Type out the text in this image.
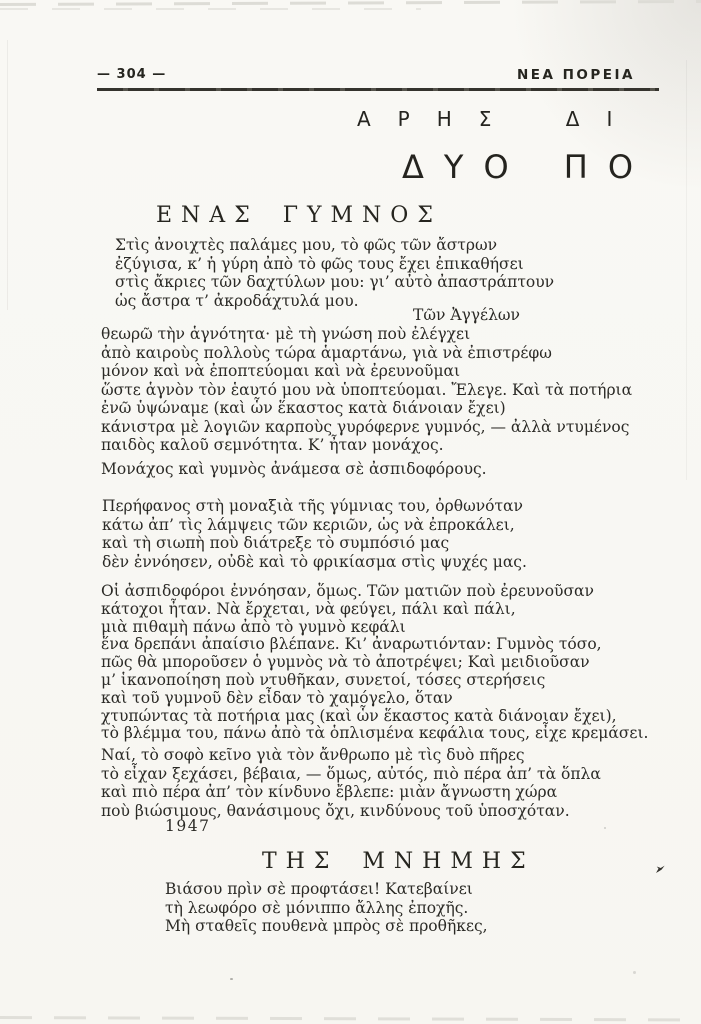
— 304 —	ΝΕΑ ΠΟΡΕΙΑ
ΑΡΗΣ ΔΙ
ΔΥΟ ΠΟ
ΕΝΑΣ ΓΥΜΝΟΣ
Στὶς ἀνοιχτὲς παλάμες μου, τὸ φῶς τῶν ἄστρων
ἐζύγισα, κ’ ἡ γύρη ἀπὸ τὸ φῶς τους ἔχει ἐπικαθήσει
στὶς ἄκριες τῶν δαχτύλων μου: γι’ αὐτὸ ἀπαστράπτουν
ὡς ἄστρα τ’ ἀκροδάχτυλά μου.
Τῶν Ἀγγέλων
θεωρῶ τὴν ἁγνότητα· μὲ τὴ γνώση ποὺ ἐλέγχει
ἀπὸ καιροὺς πολλοὺς τώρα ἁμαρτάνω, γιὰ νὰ ἐπιστρέφω
μόνον καὶ νὰ ἐποπτεύομαι καὶ νὰ ἐρευνοῦμαι
ὥστε ἁγνὸν τὸν ἑαυτό μου νὰ ὑποπτεύομαι. Ἔλεγε. Καὶ τὰ ποτήρια
ἐνῶ ὑψώναμε (καὶ ὧν ἕκαστος κατὰ διάνοιαν ἔχει)
κάνιστρα μὲ λογιῶν καρποὺς γυρόφερνε γυμνός, — ἀλλὰ ντυμένος
παιδὸς καλοῦ σεμνότητα. Κ’ ἦταν μονάχος.
Μονάχος καὶ γυμνὸς ἀνάμεσα σὲ ἀσπιδοφόρους.
Περήφανος στὴ μοναξιὰ τῆς γύμνιας του, ὀρθωνόταν
κάτω ἀπ’ τὶς λάμψεις τῶν κεριῶν, ὡς νὰ ἐπροκάλει,
καὶ τὴ σιωπὴ ποὺ διάτρεξε τὸ συμπόσιό μας
δὲν ἐννόησεν, οὐδὲ καὶ τὸ φρικίασμα στὶς ψυχές μας.
Οἱ ἀσπιδοφόροι ἐννόησαν, ὅμως. Τῶν ματιῶν ποὺ ἐρευνοῦσαν
κάτοχοι ἦταν. Νὰ ἔρχεται, νὰ φεύγει, πάλι καὶ πάλι,
μιὰ πιθαμὴ πάνω ἀπὸ τὸ γυμνὸ κεφάλι
ἕνα δρεπάνι ἀπαίσιο βλέπανε. Κι’ ἀναρωτιόνταν: Γυμνὸς τόσο,
πῶς θὰ μποροῦσεν ὁ γυμνὸς νὰ τὸ ἀποτρέψει; Καὶ μειδιοῦσαν
μ’ ἱκανοποίηση ποὺ ντυθῆκαν, συνετοί, τόσες στερήσεις
καὶ τοῦ γυμνοῦ δὲν εἶδαν τὸ χαμόγελο, ὅταν
χτυπώντας τὰ ποτήρια μας (καὶ ὧν ἕκαστος κατὰ διάνοιαν ἔχει),
τὸ βλέμμα του, πάνω ἀπὸ τὰ ὁπλισμένα κεφάλια τους, εἶχε κρεμάσει.
Ναί, τὸ σοφὸ κεῖνο γιὰ τὸν ἄνθρωπο μὲ τὶς δυὸ πῆρες
τὸ εἶχαν ξεχάσει, βέβαια, — ὅμως, αὐτός, πιὸ πέρα ἀπ’ τὰ ὅπλα
καὶ πιὸ πέρα ἀπ’ τὸν κίνδυνο ἔβλεπε: μιὰν ἄγνωστη χώρα
ποὺ βιώσιμους, θανάσιμους ὄχι, κινδύνους τοῦ ὑποσχόταν.
1947
ΤΗΣ ΜΝΗΜΗΣ
Βιάσου πρὶν σὲ προφτάσει! Κατεβαίνει
τὴ λεωφόρο σὲ μόνιππο ἄλλης ἐποχῆς.
Μὴ σταθεῖς πουθενὰ μπρὸς σὲ προθῆκες,
